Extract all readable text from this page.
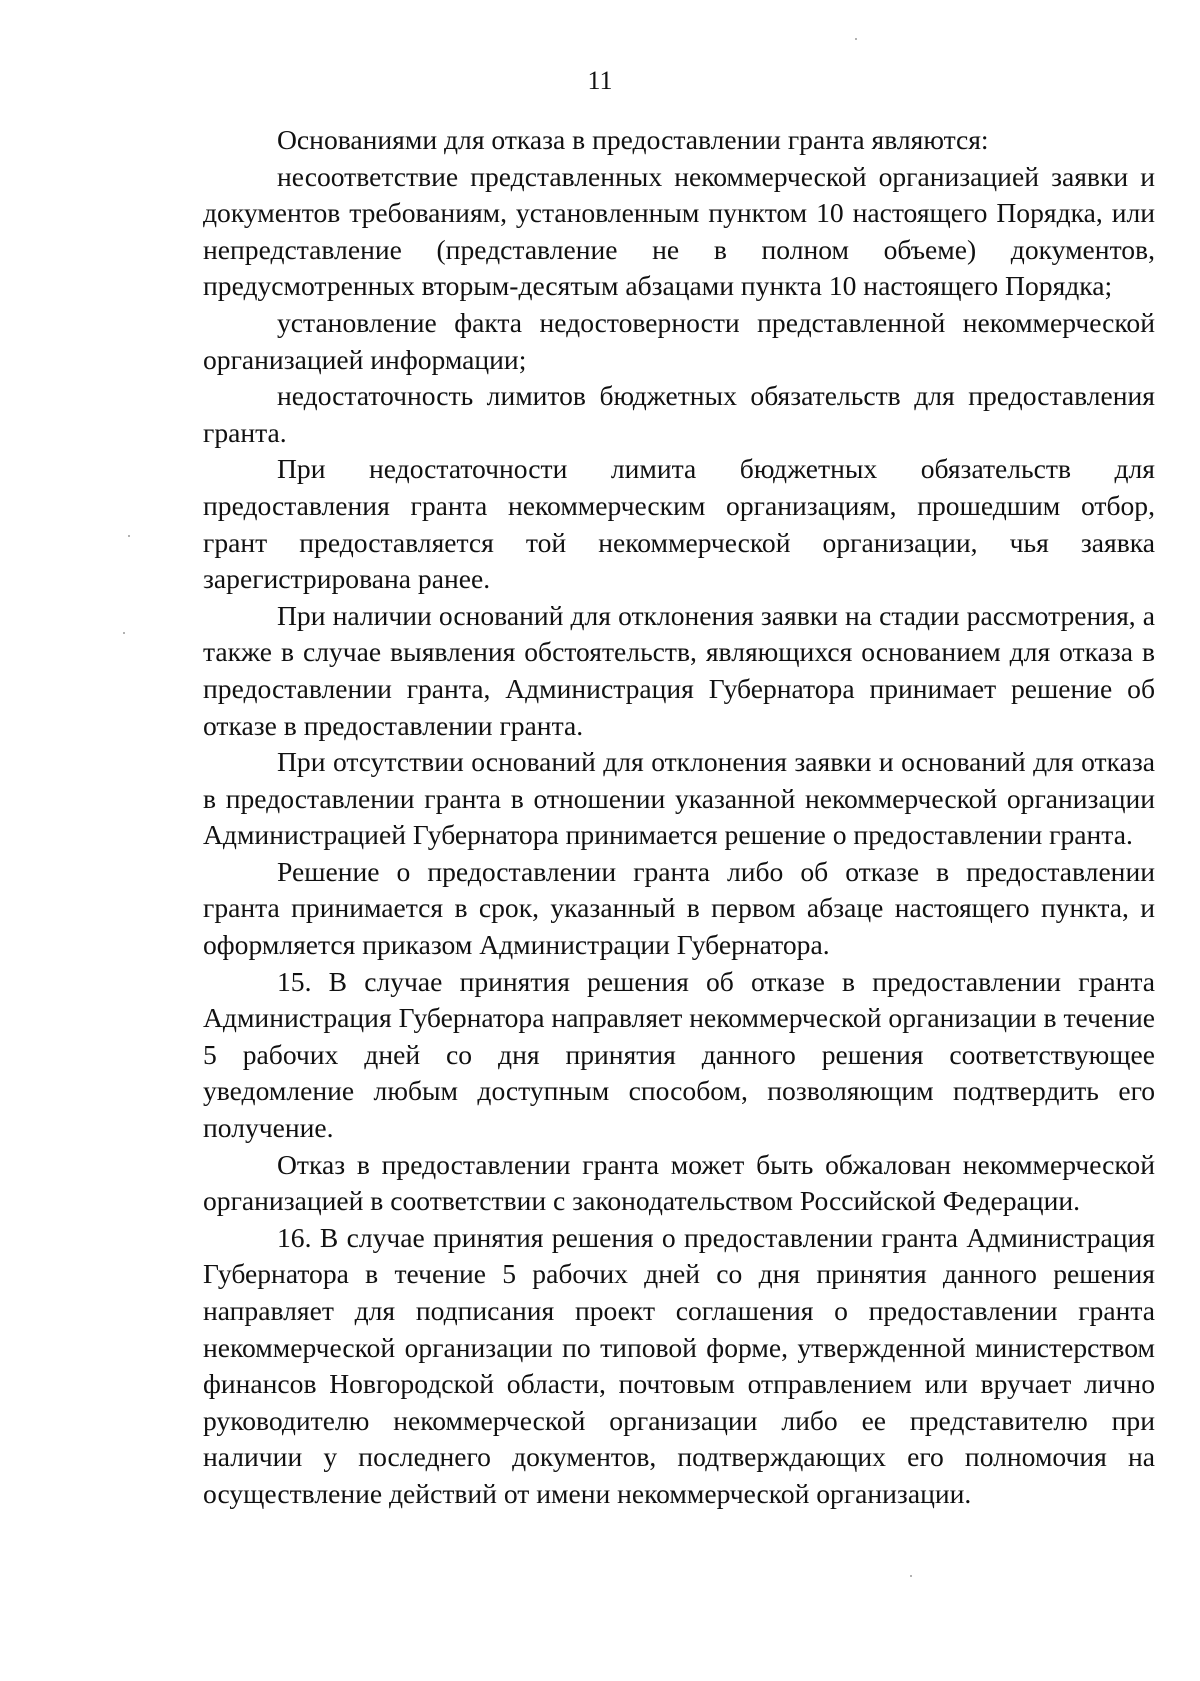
11

Основаниями для отказа в предоставлении гранта являются:

несоответствие представленных некоммерческой организацией заявки и документов требованиям, установленным пунктом 10 настоящего Порядка, или непредставление (представление не в полном объеме) документов, предусмотренных вторым-десятым абзацами пункта 10 настоящего Порядка;

установление факта недостоверности представленной некоммерческой организацией информации;

недостаточность лимитов бюджетных обязательств для предоставления гранта.

При недостаточности лимита бюджетных обязательств для предоставления гранта некоммерческим организациям, прошедшим отбор, грант предоставляется той некоммерческой организации, чья заявка зарегистрирована ранее.

При наличии оснований для отклонения заявки на стадии рассмотрения, а также в случае выявления обстоятельств, являющихся основанием для отказа в предоставлении гранта, Администрация Губернатора принимает решение об отказе в предоставлении гранта.

При отсутствии оснований для отклонения заявки и оснований для отказа в предоставлении гранта в отношении указанной некоммерческой организации Администрацией Губернатора принимается решение о предоставлении гранта.

Решение о предоставлении гранта либо об отказе в предоставлении гранта принимается в срок, указанный в первом абзаце настоящего пункта, и оформляется приказом Администрации Губернатора.

15. В случае принятия решения об отказе в предоставлении гранта Администрация Губернатора направляет некоммерческой организации в течение 5 рабочих дней со дня принятия данного решения соответствующее уведомление любым доступным способом, позволяющим подтвердить его получение.

Отказ в предоставлении гранта может быть обжалован некоммерческой организацией в соответствии с законодательством Российской Федерации.

16. В случае принятия решения о предоставлении гранта Администрация Губернатора в течение 5 рабочих дней со дня принятия данного решения направляет для подписания проект соглашения о предоставлении гранта некоммерческой организации по типовой форме, утвержденной министерством финансов Новгородской области, почтовым отправлением или вручает лично руководителю некоммерческой организации либо ее представителю при наличии у последнего документов, подтверждающих его полномочия на осуществление действий от имени некоммерческой организации.
